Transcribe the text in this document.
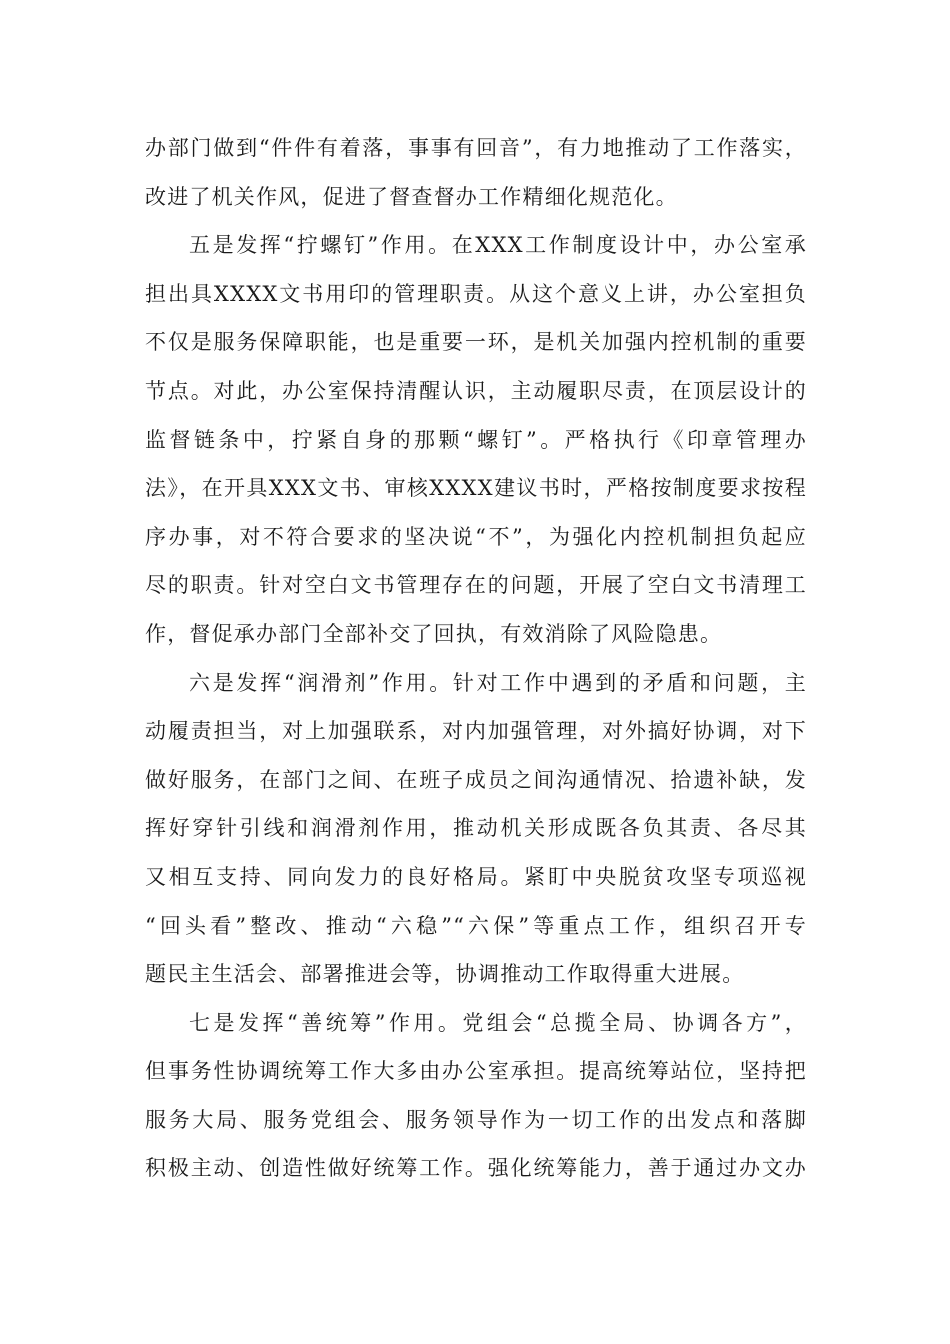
办部门做到“件件有着落，事事有回音”，有力地推动了工作落实，
改进了机关作风，促进了督查督办工作精细化规范化。
五是发挥“拧螺钉”作用。在XXX工作制度设计中，办公室承
担出具XXXX文书用印的管理职责。从这个意义上讲，办公室担负
不仅是服务保障职能，也是重要一环，是机关加强内控机制的重要
节点。对此，办公室保持清醒认识，主动履职尽责，在顶层设计的
监督链条中，拧紧自身的那颗“螺钉”。严格执行《印章管理办
法》，在开具XXX文书、审核XXXX建议书时，严格按制度要求按程
序办事，对不符合要求的坚决说“不”，为强化内控机制担负起应
尽的职责。针对空白文书管理存在的问题，开展了空白文书清理工
作，督促承办部门全部补交了回执，有效消除了风险隐患。
六是发挥“润滑剂”作用。针对工作中遇到的矛盾和问题，主
动履责担当，对上加强联系，对内加强管理，对外搞好协调，对下
做好服务，在部门之间、在班子成员之间沟通情况、拾遗补缺，发
挥好穿针引线和润滑剂作用，推动机关形成既各负其责、各尽其
又相互支持、同向发力的良好格局。紧盯中央脱贫攻坚专项巡视
“回头看”整改、推动“六稳”“六保”等重点工作，组织召开专
题民主生活会、部署推进会等，协调推动工作取得重大进展。
七是发挥“善统筹”作用。党组会“总揽全局、协调各方”，
但事务性协调统筹工作大多由办公室承担。提高统筹站位，坚持把
服务大局、服务党组会、服务领导作为一切工作的出发点和落脚
积极主动、创造性做好统筹工作。强化统筹能力，善于通过办文办
